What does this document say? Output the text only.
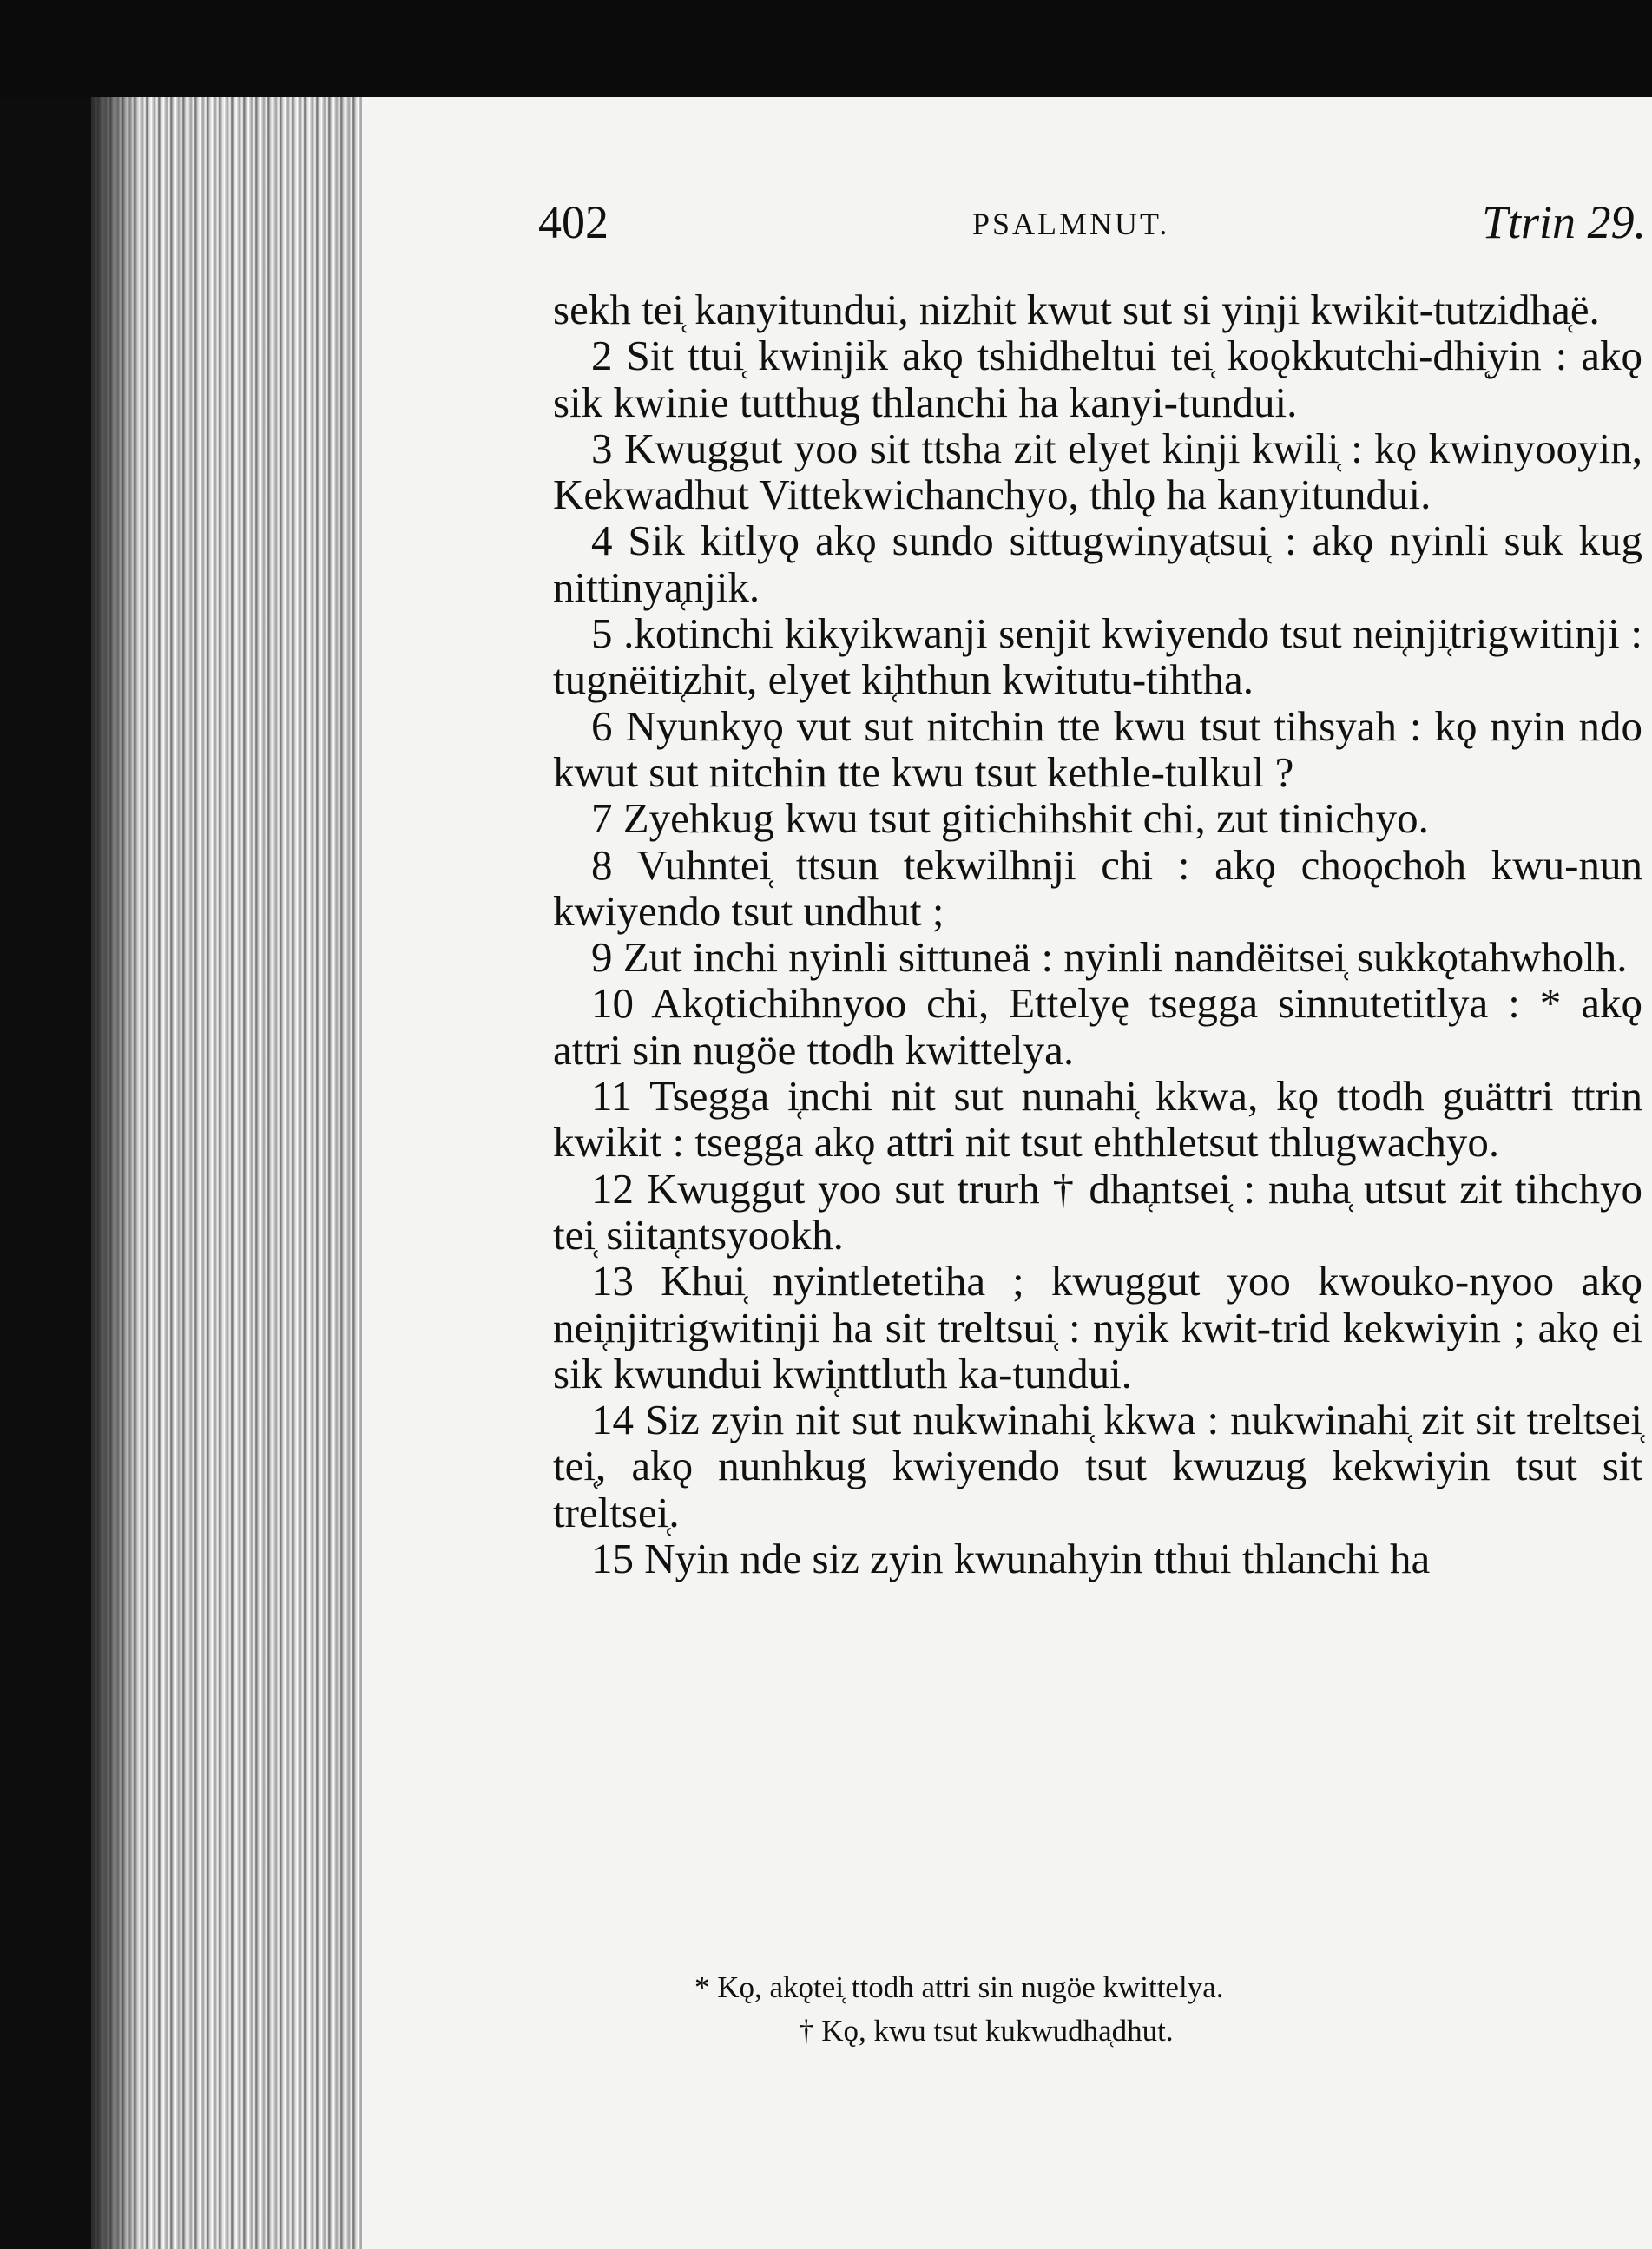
402	PSALMNUT.	Ttrin 29.

sekh tei̜ kanyitundui, nizhit kwut sut si yinji kwikit-tutzidha̜ë.

2 Sit ttui̜ kwinjik akǫ tshidheltui tei̜ koǫkkutchi-dhi̜yin : akǫ sik kwinie tutthug thlanchi ha kanyi-tundui.

3 Kwuggut yoo sit ttsha zit elyet kinji kwili̜ : kǫ kwinyooyin, Kekwadhut Vittekwichanchyo, thlǫ ha kanyitundui.

4 Sik kitlyǫ akǫ sundo sittugwinya̜tsui̜ : akǫ nyinli suk kug nittinya̜njik.

5 .kotinchi kikyikwanji senjit kwiyendo tsut nei̜nji̜trigwitinji : tugnëiti̜zhit, elyet ki̜hthun kwitutu-tihtha.

6 Nyunkyǫ vut sut nitchin tte kwu tsut tihsyah : kǫ nyin ndo kwut sut nitchin tte kwu tsut kethle-tulkul ?

7 Zyehkug kwu tsut gitichihshit chi, zut tinichyo.

8 Vuhntei̜ ttsun tekwilhnji chi : akǫ choǫchoh kwu-nun kwiyendo tsut undhut ;

9 Zut inchi nyinli sittuneä : nyinli nandëitsei̜ sukkǫtahwholh.

10 Akǫtichihnyoo chi, Ettelyę tsegga sinnutetitlya : * akǫ attri sin nugöe ttodh kwittelya.

11 Tsegga i̜nchi nit sut nunahi̜ kkwa, kǫ ttodh guättri ttrin kwikit : tsegga akǫ attri nit tsut ehthletsut thlugwachyo.

12 Kwuggut yoo sut trurh † dha̜ntsei̜ : nuha̜ utsut zit tihchyo tei̜ siita̜ntsyookh.

13 Khui̜ nyintletetiha ; kwuggut yoo kwouko-nyoo akǫ nei̜njitrigwitinji ha sit treltsui̜ : nyik kwit-trid kekwiyin ; akǫ ei sik kwundui kwi̜nttluth ka-tundui.

14 Siz zyin nit sut nukwinahi̜ kkwa : nukwinahi̜ zit sit treltsei̜ tei̜, akǫ nunhkug kwiyendo tsut kwuzug kekwiyin tsut sit treltsei̜.

15 Nyin nde siz zyin kwunahyin tthui thlanchi ha

* Kǫ, akǫtei̜ ttodh attri sin nugöe kwittelya.
† Kǫ, kwu tsut kukwudha̜dhut.
